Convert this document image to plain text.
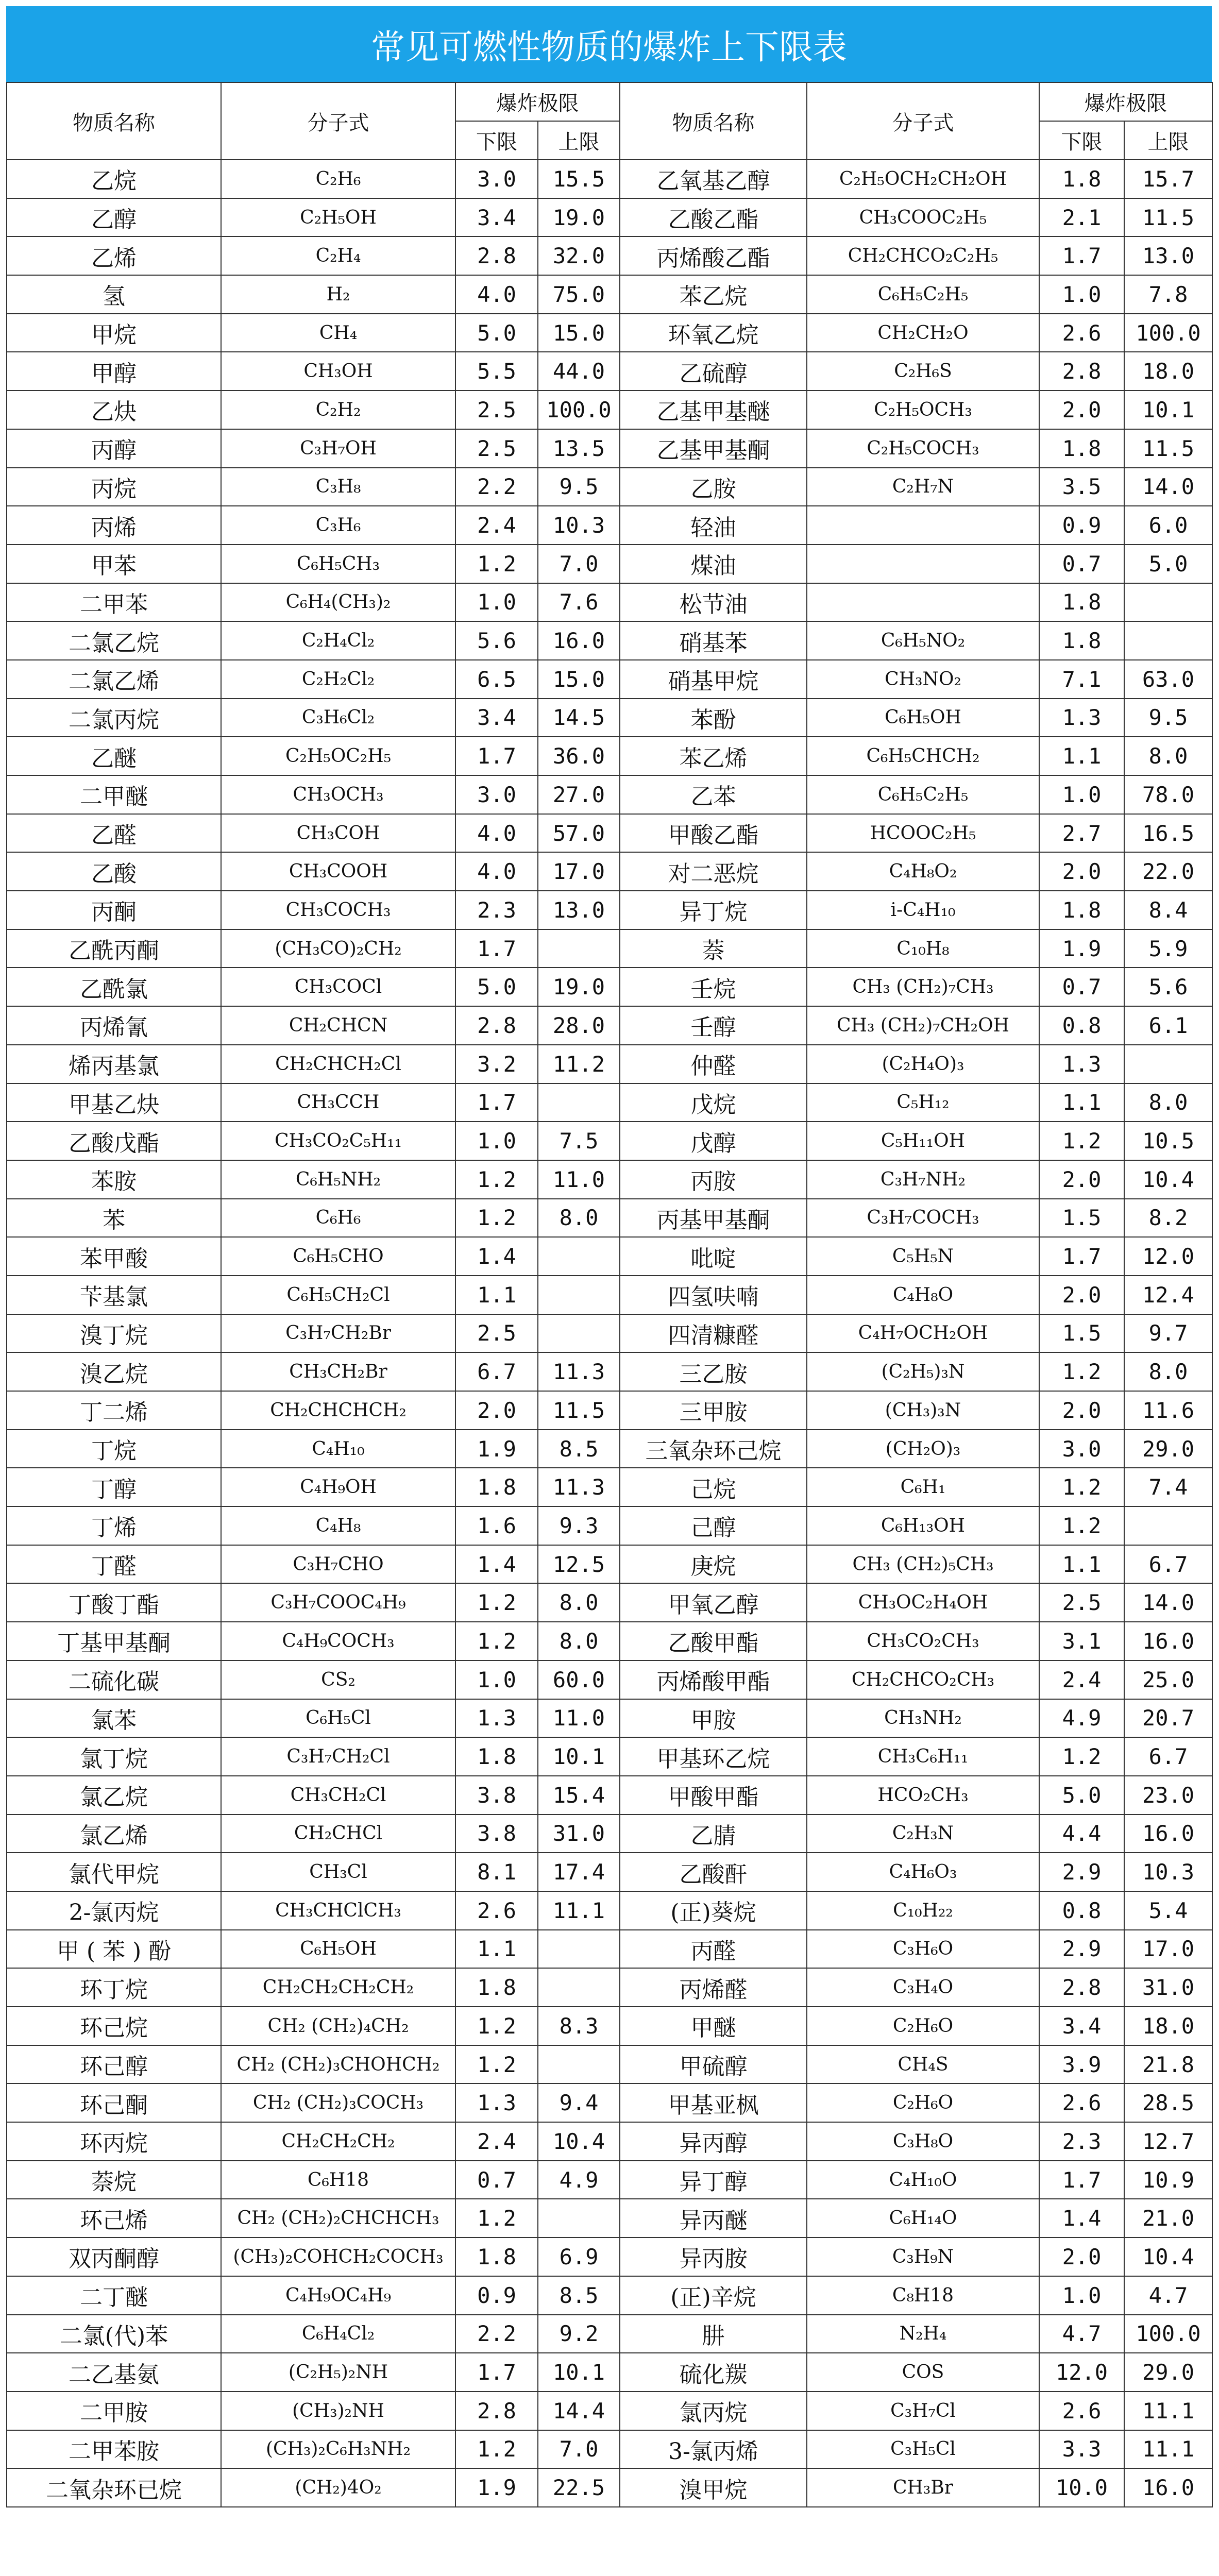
常见可燃性物质的爆炸上下限表
物质名称	分子式	爆炸极限		物质名称	分子式	爆炸极限	
		下限	上限			下限	上限
乙烷	C₂H₆	3.0	15.5	乙氧基乙醇	C₂H₅OCH₂CH₂OH	1.8	15.7
乙醇	C₂H₅OH	3.4	19.0	乙酸乙酯	CH₃COOC₂H₅	2.1	11.5
乙烯	C₂H₄	2.8	32.0	丙烯酸乙酯	CH₂CHCO₂C₂H₅	1.7	13.0
氢	H₂	4.0	75.0	苯乙烷	C₆H₅C₂H₅	1.0	7.8
甲烷	CH₄	5.0	15.0	环氧乙烷	CH₂CH₂O	2.6	100.0
甲醇	CH₃OH	5.5	44.0	乙硫醇	C₂H₆S	2.8	18.0
乙炔	C₂H₂	2.5	100.0	乙基甲基醚	C₂H₅OCH₃	2.0	10.1
丙醇	C₃H₇OH	2.5	13.5	乙基甲基酮	C₂H₅COCH₃	1.8	11.5
丙烷	C₃H₈	2.2	9.5	乙胺	C₂H₇N	3.5	14.0
丙烯	C₃H₆	2.4	10.3	轻油		0.9	6.0
甲苯	C₆H₅CH₃	1.2	7.0	煤油		0.7	5.0
二甲苯	C₆H₄(CH₃)₂	1.0	7.6	松节油		1.8	
二氯乙烷	C₂H₄Cl₂	5.6	16.0	硝基苯	C₆H₅NO₂	1.8	
二氯乙烯	C₂H₂Cl₂	6.5	15.0	硝基甲烷	CH₃NO₂	7.1	63.0
二氯丙烷	C₃H₆Cl₂	3.4	14.5	苯酚	C₆H₅OH	1.3	9.5
乙醚	C₂H₅OC₂H₅	1.7	36.0	苯乙烯	C₆H₅CHCH₂	1.1	8.0
二甲醚	CH₃OCH₃	3.0	27.0	乙苯	C₆H₅C₂H₅	1.0	78.0
乙醛	CH₃COH	4.0	57.0	甲酸乙酯	HCOOC₂H₅	2.7	16.5
乙酸	CH₃COOH	4.0	17.0	对二恶烷	C₄H₈O₂	2.0	22.0
丙酮	CH₃COCH₃	2.3	13.0	异丁烷	i-C₄H₁₀	1.8	8.4
乙酰丙酮	(CH₃CO)₂CH₂	1.7		萘	C₁₀H₈	1.9	5.9
乙酰氯	CH₃COCl	5.0	19.0	壬烷	CH₃ (CH₂)₇CH₃	0.7	5.6
丙烯氰	CH₂CHCN	2.8	28.0	壬醇	CH₃ (CH₂)₇CH₂OH	0.8	6.1
烯丙基氯	CH₂CHCH₂Cl	3.2	11.2	仲醛	(C₂H₄O)₃	1.3	
甲基乙炔	CH₃CCH	1.7		戊烷	C₅H₁₂	1.1	8.0
乙酸戊酯	CH₃CO₂C₅H₁₁	1.0	7.5	戊醇	C₅H₁₁OH	1.2	10.5
苯胺	C₆H₅NH₂	1.2	11.0	丙胺	C₃H₇NH₂	2.0	10.4
苯	C₆H₆	1.2	8.0	丙基甲基酮	C₃H₇COCH₃	1.5	8.2
苯甲酸	C₆H₅CHO	1.4		吡啶	C₅H₅N	1.7	12.0
苄基氯	C₆H₅CH₂Cl	1.1		四氢呋喃	C₄H₈O	2.0	12.4
溴丁烷	C₃H₇CH₂Br	2.5		四清糠醛	C₄H₇OCH₂OH	1.5	9.7
溴乙烷	CH₃CH₂Br	6.7	11.3	三乙胺	(C₂H₅)₃N	1.2	8.0
丁二烯	CH₂CHCHCH₂	2.0	11.5	三甲胺	(CH₃)₃N	2.0	11.6
丁烷	C₄H₁₀	1.9	8.5	三氧杂环己烷	(CH₂O)₃	3.0	29.0
丁醇	C₄H₉OH	1.8	11.3	己烷	C₆H₁	1.2	7.4
丁烯	C₄H₈	1.6	9.3	己醇	C₆H₁₃OH	1.2	
丁醛	C₃H₇CHO	1.4	12.5	庚烷	CH₃ (CH₂)₅CH₃	1.1	6.7
丁酸丁酯	C₃H₇COOC₄H₉	1.2	8.0	甲氧乙醇	CH₃OC₂H₄OH	2.5	14.0
丁基甲基酮	C₄H₉COCH₃	1.2	8.0	乙酸甲酯	CH₃CO₂CH₃	3.1	16.0
二硫化碳	CS₂	1.0	60.0	丙烯酸甲酯	CH₂CHCO₂CH₃	2.4	25.0
氯苯	C₆H₅Cl	1.3	11.0	甲胺	CH₃NH₂	4.9	20.7
氯丁烷	C₃H₇CH₂Cl	1.8	10.1	甲基环乙烷	CH₃C₆H₁₁	1.2	6.7
氯乙烷	CH₃CH₂Cl	3.8	15.4	甲酸甲酯	HCO₂CH₃	5.0	23.0
氯乙烯	CH₂CHCl	3.8	31.0	乙腈	C₂H₃N	4.4	16.0
氯代甲烷	CH₃Cl	8.1	17.4	乙酸酐	C₄H₆O₃	2.9	10.3
2-氯丙烷	CH₃CHClCH₃	2.6	11.1	(正)葵烷	C₁₀H₂₂	0.8	5.4
甲 ( 苯 ) 酚	C₆H₅OH	1.1		丙醛	C₃H₆O	2.9	17.0
环丁烷	CH₂CH₂CH₂CH₂	1.8		丙烯醛	C₃H₄O	2.8	31.0
环己烷	CH₂ (CH₂)₄CH₂	1.2	8.3	甲醚	C₂H₆O	3.4	18.0
环己醇	CH₂ (CH₂)₃CHOHCH₂	1.2		甲硫醇	CH₄S	3.9	21.8
环己酮	CH₂ (CH₂)₃COCH₃	1.3	9.4	甲基亚枫	C₂H₆O	2.6	28.5
环丙烷	CH₂CH₂CH₂	2.4	10.4	异丙醇	C₃H₈O	2.3	12.7
萘烷	C₆H18	0.7	4.9	异丁醇	C₄H₁₀O	1.7	10.9
环己烯	CH₂ (CH₂)₂CHCHCH₃	1.2		异丙醚	C₆H₁₄O	1.4	21.0
双丙酮醇	(CH₃)₂COHCH₂COCH₃	1.8	6.9	异丙胺	C₃H₉N	2.0	10.4
二丁醚	C₄H₉OC₄H₉	0.9	8.5	(正)辛烷	C₈H18	1.0	4.7
二氯(代)苯	C₆H₄Cl₂	2.2	9.2	肼	N₂H₄	4.7	100.0
二乙基氨	(C₂H₅)₂NH	1.7	10.1	硫化羰	COS	12.0	29.0
二甲胺	(CH₃)₂NH	2.8	14.4	氯丙烷	C₃H₇Cl	2.6	11.1
二甲苯胺	(CH₃)₂C₆H₃NH₂	1.2	7.0	3-氯丙烯	C₃H₅Cl	3.3	11.1
二氧杂环已烷	(CH₂)4O₂	1.9	22.5	溴甲烷	CH₃Br	10.0	16.0
